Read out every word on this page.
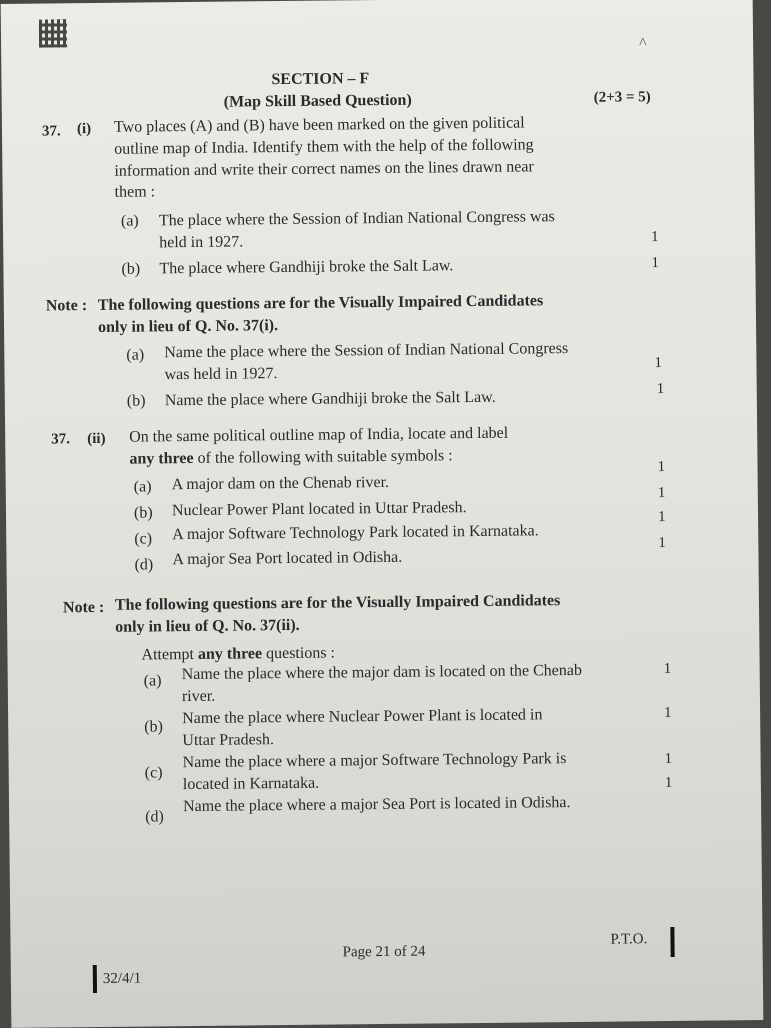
^
SECTION – F
(Map Skill Based Question)	(2+3 = 5)
37. (i) Two places (A) and (B) have been marked on the given political
outline map of India. Identify them with the help of the following
information and write their correct names on the lines drawn near
them :
(a) The place where the Session of Indian National Congress was
held in 1927.	1
(b) The place where Gandhiji broke the Salt Law.	1
Note : The following questions are for the Visually Impaired Candidates
only in lieu of Q. No. 37(i).
(a) Name the place where the Session of Indian National Congress
was held in 1927.
1
(b) Name the place where Gandhiji broke the Salt Law.	1
37. (ii) On the same political outline map of India, locate and label
any three of the following with suitable symbols :
(a) A major dam on the Chenab river.
1
(b) Nuclear Power Plant located in Uttar Pradesh.
1
(c) A major Software Technology Park located in Karnataka.
1
(d) A major Sea Port located in Odisha.
1
Note : The following questions are for the Visually Impaired Candidates
only in lieu of Q. No. 37(ii).
Attempt any three questions :
(a) Name the place where the major dam is located on the Chenab
river.
1
(b) Name the place where Nuclear Power Plant is located in
Uttar Pradesh.
1
(c)
Name the place where a major Software Technology Park is
located in Karnataka.
1
(d)
Name the place where a major Sea Port is located in Odisha.
1
Page 21 of 24
P.T.O.
32/4/1
